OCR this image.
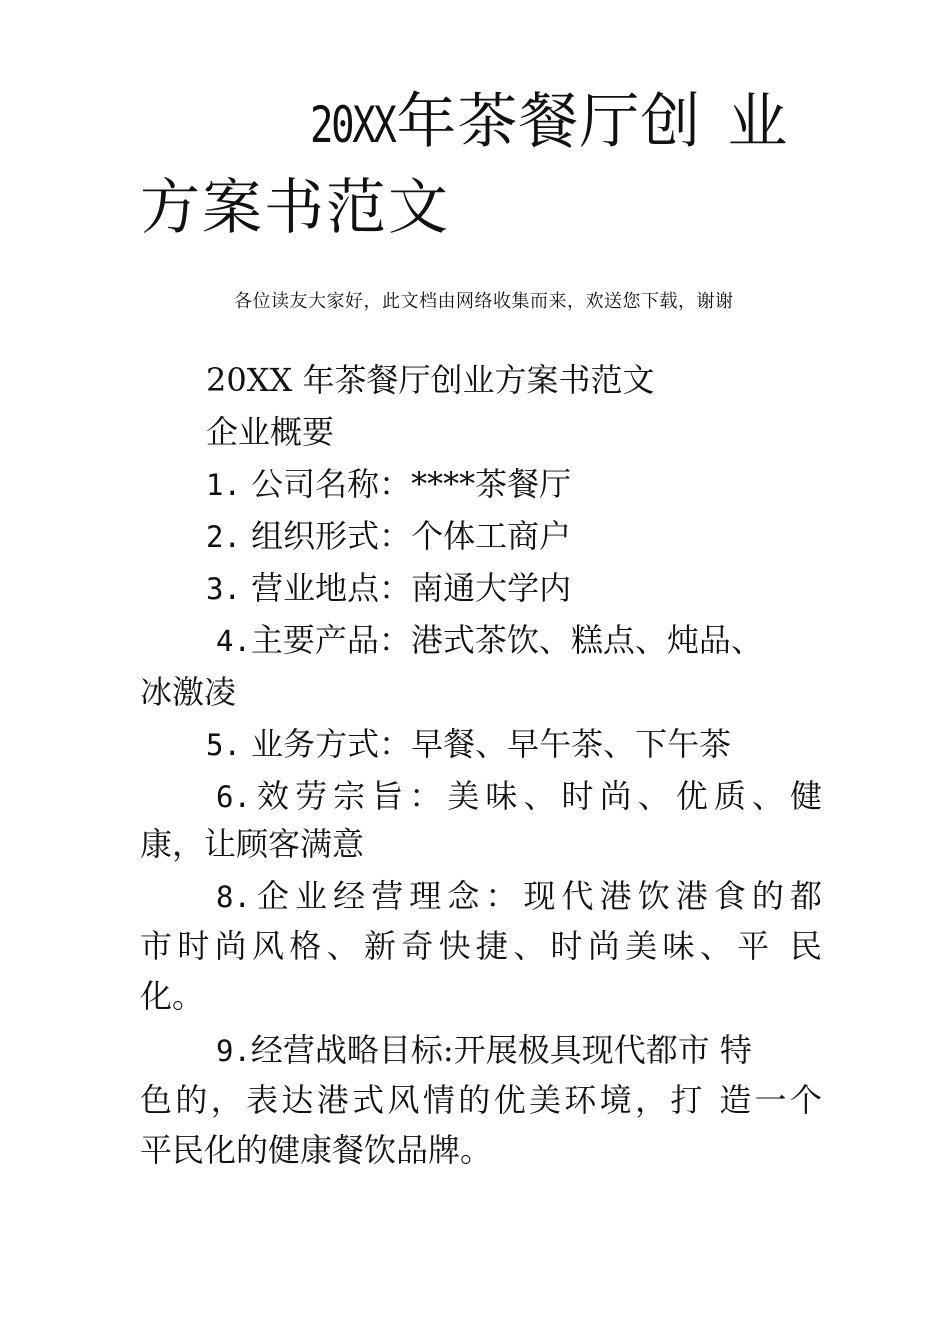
20XX年茶餐厅创 业
方案书范文
各位读友大家好，此文档由网络收集而来，欢送您下载，谢谢
20XX 年茶餐厅创业方案书范文
企业概要
1. 公司名称：****茶餐厅
2. 组织形式：个体工商户
3. 营业地点：南通大学内
4.主要产品：港式茶饮、糕点、炖品、
冰激凌
5. 业务方式：早餐、早午茶、下午茶
6.效劳宗旨：美味、时尚、优质、健
康，让顾客满意
8.企业经营理念：现代港饮港食的都
市时尚风格、新奇快捷、时尚美味、平 民
化。
9.经营战略目标:开展极具现代都市 特
色的，表达港式风情的优美环境，打 造一个
平民化的健康餐饮品牌。
